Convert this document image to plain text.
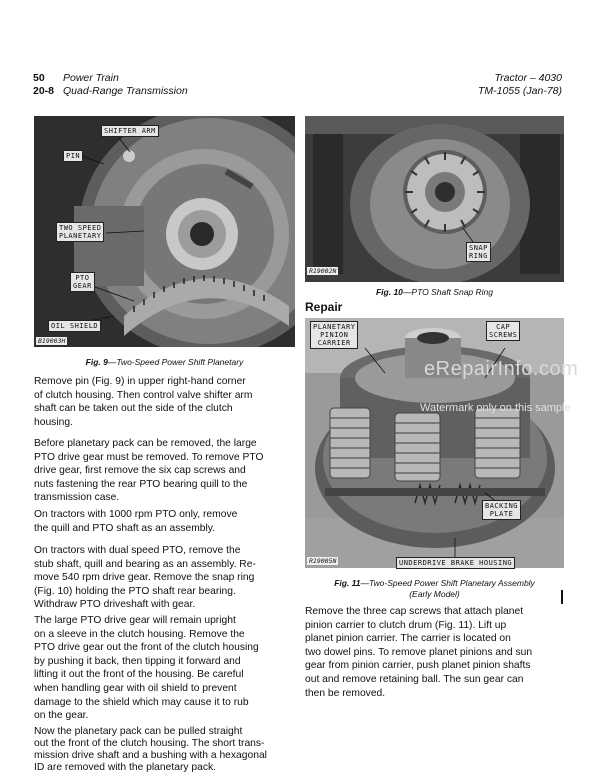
50 Power Train
20-8 Quad-Range Transmission
Tractor – 4030
TM-1055 (Jan-78)
SHIFTER ARM
PIN
TWO SPEED
PLANETARY
PTO
GEAR
OIL SHIELD
B19003H
Fig. 9—Two-Speed Power Shift Planetary
SNAP
RING
R19002N
Fig. 10—PTO Shaft Snap Ring
Repair
PLANETARY
PINION
CARRIER
CAP
SCREWS
BACKING
PLATE
UNDERDRIVE BRAKE HOUSING
R19005N
eRepairInfo.com
Watermark only on this sample
Fig. 11—Two-Speed Power Shift Planetary Assembly
(Early Model)
Remove pin (Fig. 9) in upper right-hand corner
of clutch housing. Then control valve shifter arm
shaft can be taken out the side of the clutch
housing.
Before planetary pack can be removed, the large
PTO drive gear must be removed. To remove PTO
drive gear, first remove the six cap screws and
nuts fastening the rear PTO bearing quill to the
transmission case.
On tractors with 1000 rpm PTO only, remove
the quill and PTO shaft as an assembly.
On tractors with dual speed PTO, remove the
stub shaft, quill and bearing as an assembly. Re-
move 540 rpm drive gear. Remove the snap ring
(Fig. 10) holding the PTO shaft rear bearing.
Withdraw PTO driveshaft with gear.
The large PTO drive gear will remain upright
on a sleeve in the clutch housing. Remove the
PTO drive gear out the front of the clutch housing
by pushing it back, then tipping it forward and
lifting it out the front of the housing. Be careful
when handling gear with oil shield to prevent
damage to the shield which may cause it to rub
on the gear.
Now the planetary pack can be pulled straight
out the front of the clutch housing. The short trans-
mission drive shaft and a bushing with a hexagonal
ID are removed with the planetary pack.
Remove the three cap screws that attach planet
pinion carrier to clutch drum (Fig. 11). Lift up
planet pinion carrier. The carrier is located on
two dowel pins. To remove planet pinions and sun
gear from pinion carrier, push planet pinion shafts
out and remove retaining ball. The sun gear can
then be removed.
